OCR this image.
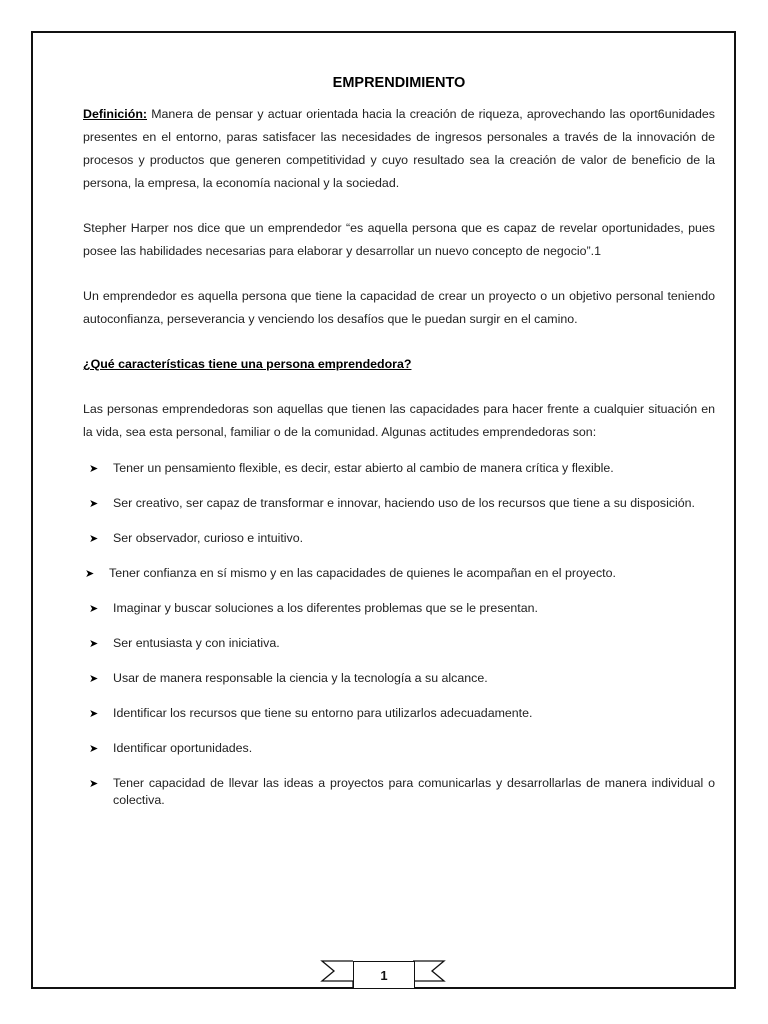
EMPRENDIMIENTO

Definición: Manera de pensar y actuar orientada hacia la creación de riqueza, aprovechando las oport6unidades presentes en el entorno, paras satisfacer las necesidades de ingresos personales a través de la innovación de procesos y productos que generen competitividad y cuyo resultado sea la creación de valor de beneficio de la persona, la empresa, la economía nacional y la sociedad.

Stepher Harper nos dice que un emprendedor “es aquella persona que es capaz de revelar oportunidades, pues posee las habilidades necesarias para elaborar y desarrollar un nuevo concepto de negocio”.1

Un emprendedor es aquella persona que tiene la capacidad de crear un proyecto o un objetivo personal teniendo autoconfianza, perseverancia y venciendo los desafíos que le puedan surgir en el camino.

¿Qué características tiene una persona emprendedora?

Las personas emprendedoras son aquellas que tienen las capacidades para hacer frente a cualquier situación en la vida, sea esta personal, familiar o de la comunidad. Algunas actitudes emprendedoras son:

➤ Tener un pensamiento flexible, es decir, estar abierto al cambio de manera crítica y flexible.
➤ Ser creativo, ser capaz de transformar e innovar, haciendo uso de los recursos que tiene a su disposición.
➤ Ser observador, curioso e intuitivo.
➤ Tener confianza en sí mismo y en las capacidades de quienes le acompañan en el proyecto.
➤ Imaginar y buscar soluciones a los diferentes problemas que se le presentan.
➤ Ser entusiasta y con iniciativa.
➤ Usar de manera responsable la ciencia y la tecnología a su alcance.
➤ Identificar los recursos que tiene su entorno para utilizarlos adecuadamente.
➤ Identificar oportunidades.
➤ Tener capacidad de llevar las ideas a proyectos para comunicarlas y desarrollarlas de manera individual o colectiva.
1
